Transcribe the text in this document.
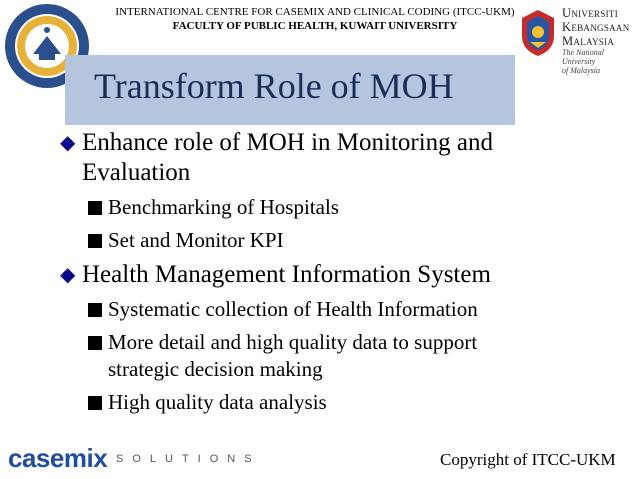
INTERNATIONAL CENTRE FOR CASEMIX AND CLINICAL CODING (ITCC-UKM)
FACULTY OF PUBLIC HEALTH, KUWAIT UNIVERSITY
Universiti
Kebangsaan
Malaysia
The National University
of Malaysia
Transform Role of MOH

◆ Enhance role of MOH in Monitoring and
Evaluation

Benchmarking of Hospitals

Set and Monitor KPI

◆ Health Management Information System

Systematic collection of Health Information

More detail and high quality data to support

strategic decision making

High quality data analysis

casemix SOLUTIONS	Copyright of ITCC-UKM
